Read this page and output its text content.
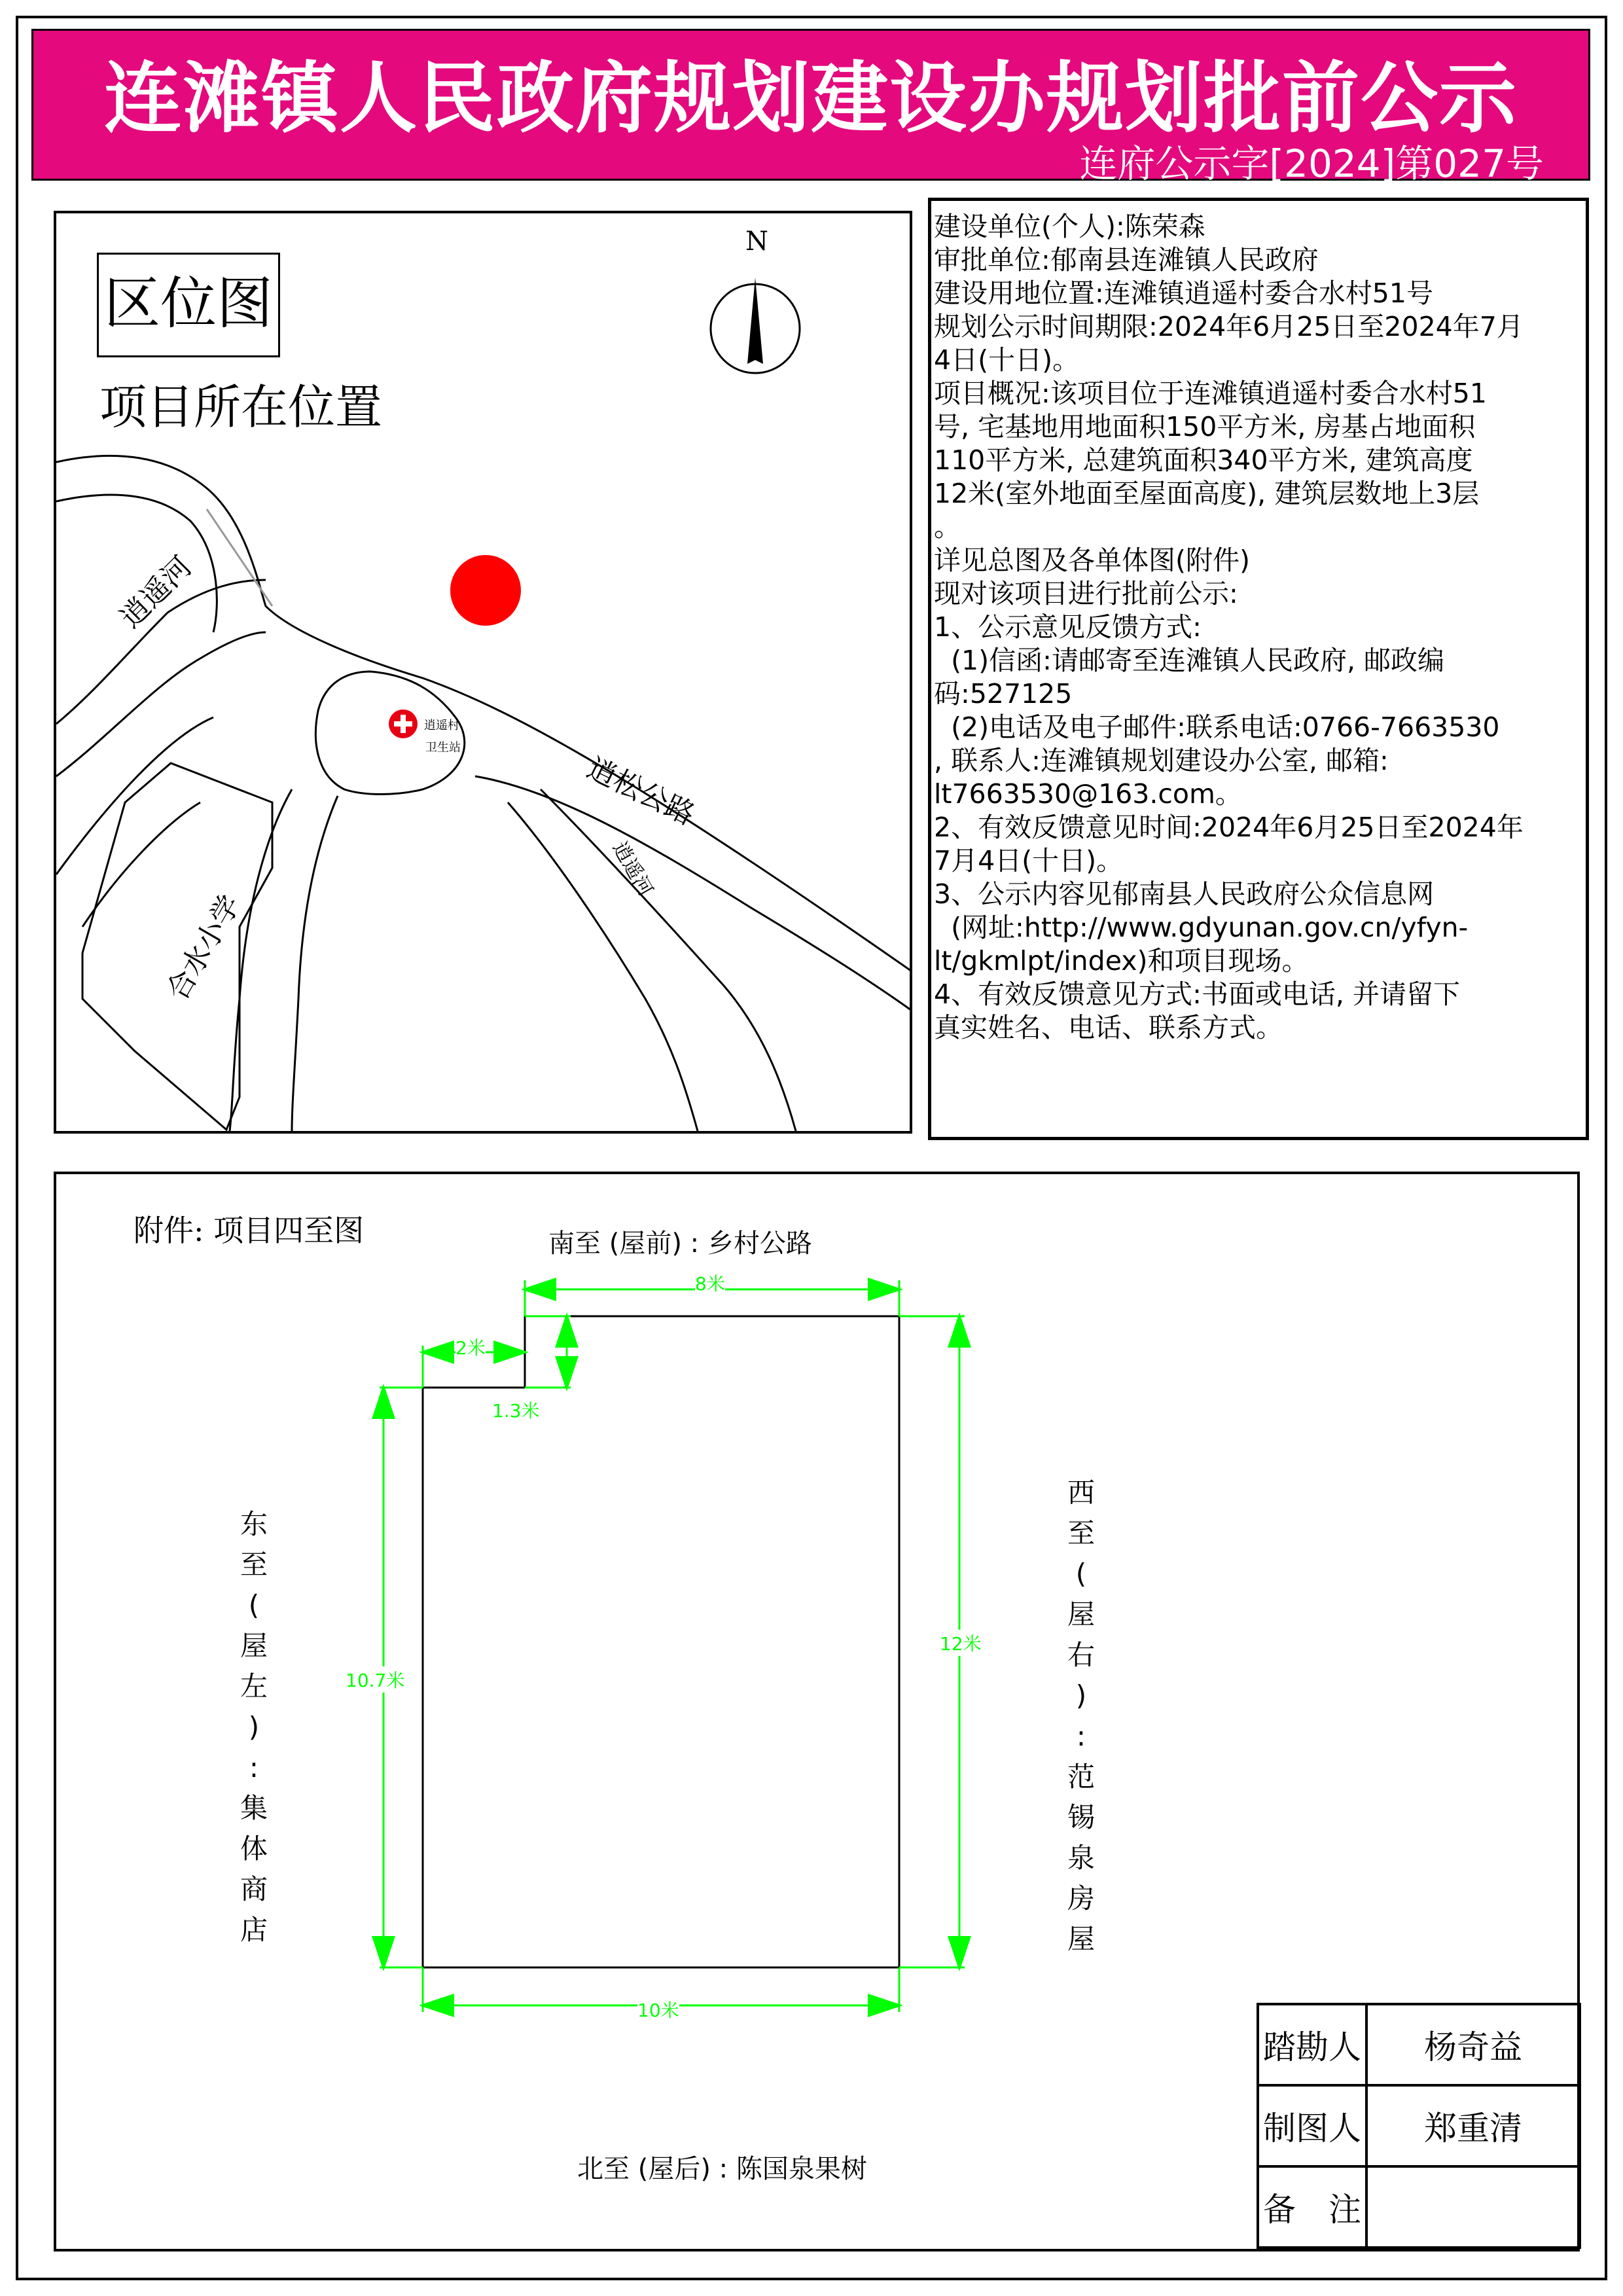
连滩镇人民政府规划建设办规划批前公示
连府公示字[2024]第027号
区位图
项目所在位置
N
逍遥河
合水小学
逍遥村
卫生站
逍松公路
逍遥河
建设单位(个人):陈荣森
审批单位:郁南县连滩镇人民政府
建设用地位置:连滩镇逍遥村委合水村51号
规划公示时间期限:2024年6月25日至2024年7月
4日(十日)。
项目概况:该项目位于连滩镇逍遥村委合水村51
号, 宅基地用地面积150平方米, 房基占地面积
110平方米, 总建筑面积340平方米, 建筑高度
12米(室外地面至屋面高度), 建筑层数地上3层
。
详见总图及各单体图(附件)
现对该项目进行批前公示:
1、公示意见反馈方式:
(1)信函:请邮寄至连滩镇人民政府, 邮政编
码:527125
(2)电话及电子邮件:联系电话:0766-7663530
, 联系人:连滩镇规划建设办公室, 邮箱:
lt7663530@163.com。
2、有效反馈意见时间:2024年6月25日至2024年
7月4日(十日)。
3、公示内容见郁南县人民政府公众信息网
(网址:http://www.gdyunan.gov.cn/yfyn-
lt/gkmlpt/index)和项目现场。
4、有效反馈意见方式:书面或电话, 并请留下
真实姓名、电话、联系方式。
附件: 项目四至图	南至 (屋前) : 乡村公路
北至 (屋后) : 陈国泉果树
8米
2米
1.3米
10.7米
12米
10米
东
至
(
屋
左
)
:
集
体
商
店
西
至
(
屋
右
)
:
范
锡
泉
房
屋
踏勘人	杨奇益
制图人	郑重清
备　注	
